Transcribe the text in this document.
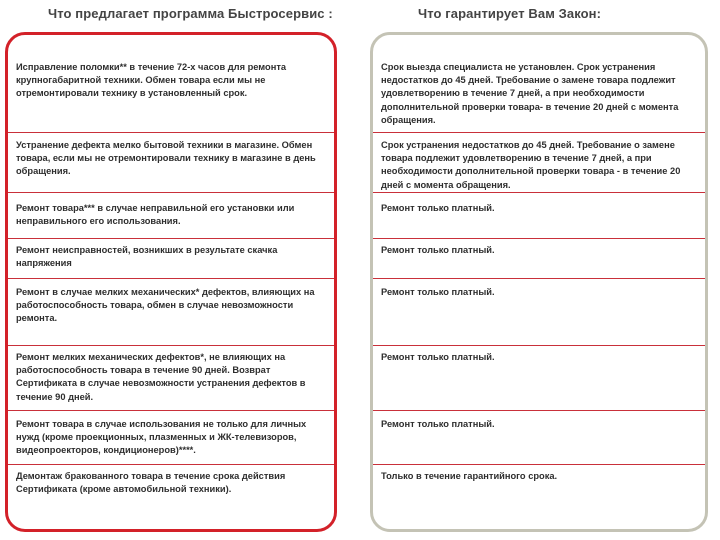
Что предлагает программа Быстросервис :	Что гарантирует Вам Закон:
Исправление поломки** в течение 72-х часов для ремонта крупногабаритной техники. Обмен товара если мы не отремонтировали технику в установленный срок.
Устранение дефекта мелко бытовой техники в магазине. Обмен товара, если мы не отремонтировали технику в магазине в день обращения.
Ремонт товара*** в случае неправильной его установки или неправильного его использования.
Ремонт неисправностей, возникших в результате скачка напряжения
Ремонт в случае мелких механических* дефектов, влияющих на работоспособность товара, обмен в случае невозможности ремонта.
Ремонт мелких механических дефектов*, не влияющих на работоспособность товара в течение 90 дней. Возврат Сертификата в случае невозможности устранения дефектов в течение 90 дней.
Ремонт товара в случае использования не только для личных нужд (кроме проекционных, плазменных и ЖК-телевизоров, видеопроекторов, кондиционеров)****.
Демонтаж бракованного товара в течение срока действия Сертификата (кроме автомобильной техники).
Срок выезда специалиста не установлен. Срок устранения недостатков до 45 дней. Требование о замене товара подлежит удовлетворению в течение 7 дней, а при необходимости дополнительной проверки товара- в течение 20 дней с момента обращения.
Срок устранения недостатков до 45 дней. Требование о замене товара подлежит удовлетворению в течение 7 дней, а при необходимости дополнительной проверки товара - в течение 20 дней с момента обращения.
Ремонт только платный.
Ремонт только платный.
Ремонт только платный.
Ремонт только платный.
Ремонт только платный.
Только в течение гарантийного срока.
